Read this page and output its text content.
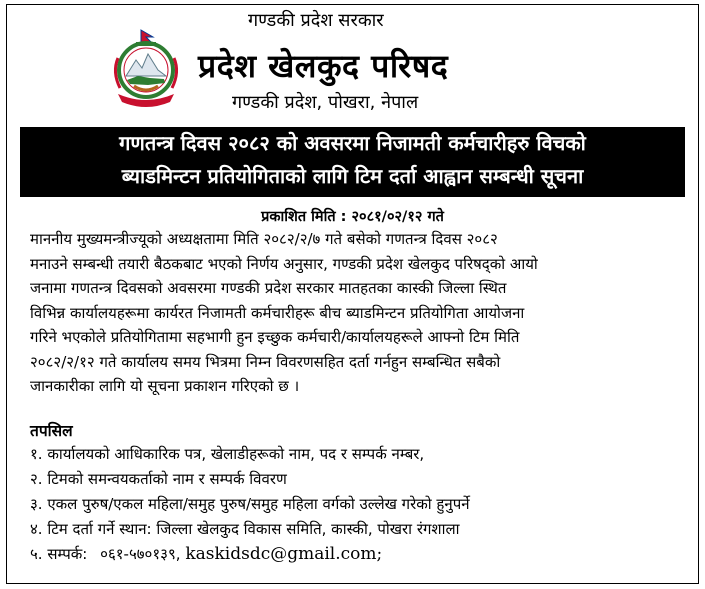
गण्डकी प्रदेश सरकार
प्रदेश खेलकुद परिषद
गण्डकी प्रदेश, पोखरा, नेपाल
गणतन्त्र दिवस २०८२ को अवसरमा निजामती कर्मचारीहरु विचको
ब्याडमिन्टन प्रतियोगिताको लागि टिम दर्ता आह्वान सम्बन्धी सूचना
प्रकाशित मिति : २०८१/०२/१२ गते
माननीय मुख्यमन्त्रीज्यूको अध्यक्षतामा मिति २०८२/२/७ गते बसेको गणतन्त्र दिवस २०८२
मनाउने सम्बन्धी तयारी बैठकबाट भएको निर्णय अनुसार, गण्डकी प्रदेश खेलकुद परिषद्को आयो
जनामा गणतन्त्र दिवसको अवसरमा गण्डकी प्रदेश सरकार मातहतका कास्की जिल्ला स्थित
विभिन्न कार्यालयहरूमा कार्यरत निजामती कर्मचारीहरू बीच ब्याडमिन्टन प्रतियोगिता आयोजना
गरिने भएकोले प्रतियोगितामा सहभागी हुन इच्छुक कर्मचारी/कार्यालयहरूले आफ्नो टिम मिति
२०८२/२/१२ गते कार्यालय समय भित्रमा निम्न विवरणसहित दर्ता गर्नहुन सम्बन्धित सबैको
जानकारीका लागि यो सूचना प्रकाशन गरिएको छ ।
तपसिल
१. कार्यालयको आधिकारिक पत्र, खेलाडीहरूको नाम, पद र सम्पर्क नम्बर,
२. टिमको समन्वयकर्ताको नाम र सम्पर्क विवरण
३. एकल पुरुष/एकल महिला/समुह पुरुष/समुह महिला वर्गको उल्लेख गरेको हुनुपर्ने
४. टिम दर्ता गर्ने स्थान: जिल्ला खेलकुद विकास समिति, कास्की, पोखरा रंगशाला
५. सम्पर्क: ०६१-५७०१३९, kaskidsdc@gmail.com;
